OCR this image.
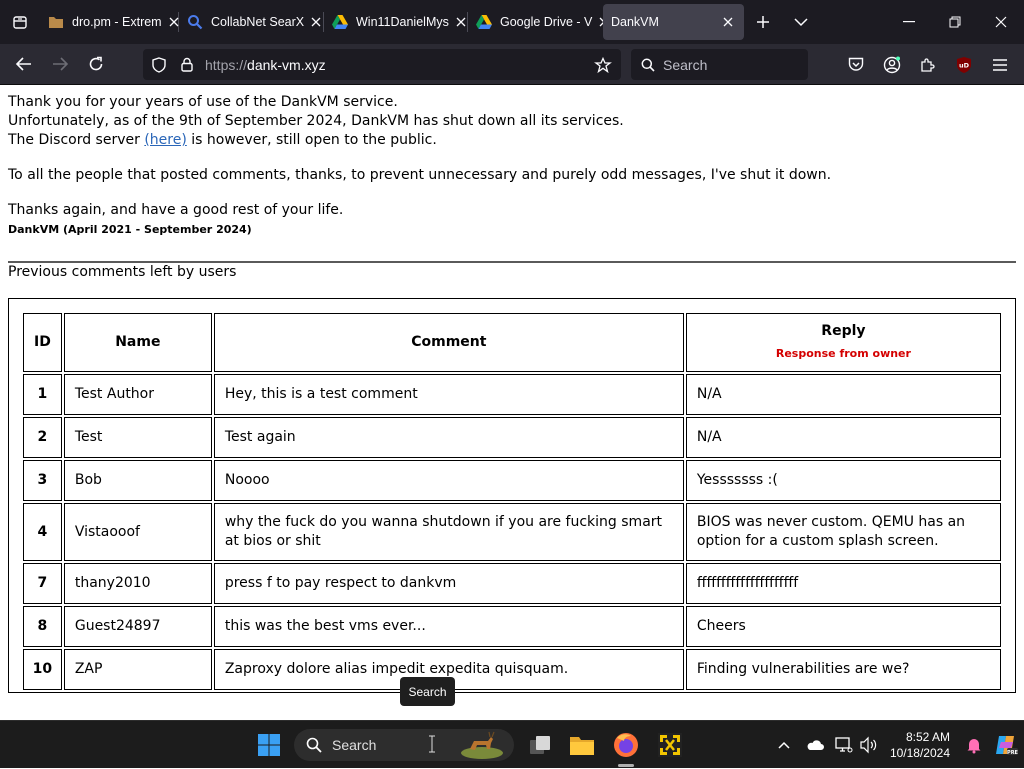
dro.pm - Extrem	CollabNet SearX	Win11DanielMys	Google Drive - V DankVM
https://dank-vm.xyz	Search	uD

Thank you for your years of use of the DankVM service.

Unfortunately, as of the 9th of September 2024, DankVM has shut down all its services.

The Discord server (here) is however, still open to the public.

To all the people that posted comments, thanks, to prevent unnecessary and purely odd messages, I've shut it down.

Thanks again, and have a good rest of your life.

DankVM (April 2021 - September 2024)

Previous comments left by users

ID	Name	Comment	Reply
Response from owner

1	Test Author	Hey, this is a test comment	N/A
2	Test	Test again	N/A
3	Bob	Noooo	Yesssssss :(
4	Vistaooof	why the fuck do you wanna shutdown if you are fucking smart at bios or shit	BIOS was never custom. QEMU has an option for a custom splash screen.
7	thany2010	press f to pay respect to dankvm	fffffffffffffffffffff
8	Guest24897	this was the best vms ever...	Cheers
10	ZAP	Zaproxy dolore alias impedit expedita quisquam.	Finding vulnerabilities are we?
Search
Search	8:52 AM
10/18/2024	PRE
